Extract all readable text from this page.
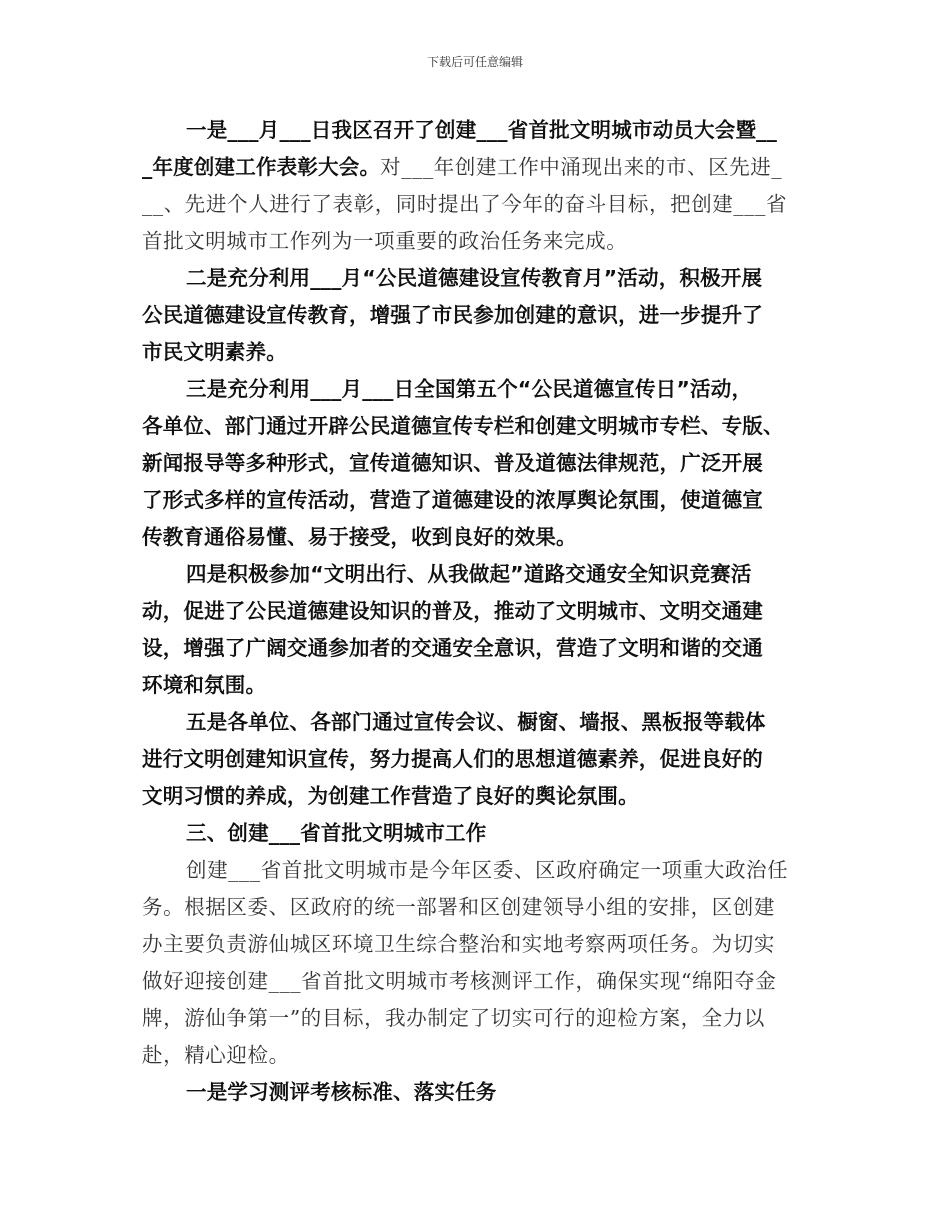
下载后可任意编辑
一是___月___日我区召开了创建___省首批文明城市动员大会暨__
_年度创建工作表彰大会。对___年创建工作中涌现出来的市、区先进_
__、先进个人进行了表彰，同时提出了今年的奋斗目标，把创建___省
首批文明城市工作列为一项重要的政治任务来完成。
二是充分利用___月“公民道德建设宣传教育月”活动，积极开展
公民道德建设宣传教育，增强了市民参加创建的意识，进一步提升了
市民文明素养。
三是充分利用___月___日全国第五个“公民道德宣传日”活动，
各单位、部门通过开辟公民道德宣传专栏和创建文明城市专栏、专版、
新闻报导等多种形式，宣传道德知识、普及道德法律规范，广泛开展
了形式多样的宣传活动，营造了道德建设的浓厚舆论氛围，使道德宣
传教育通俗易懂、易于接受，收到良好的效果。
四是积极参加“文明出行、从我做起”道路交通安全知识竞赛活
动，促进了公民道德建设知识的普及，推动了文明城市、文明交通建
设，增强了广阔交通参加者的交通安全意识，营造了文明和谐的交通
环境和氛围。
五是各单位、各部门通过宣传会议、橱窗、墙报、黑板报等载体
进行文明创建知识宣传，努力提高人们的思想道德素养，促进良好的
文明习惯的养成，为创建工作营造了良好的舆论氛围。
三、创建___省首批文明城市工作
创建___省首批文明城市是今年区委、区政府确定一项重大政治任
务。根据区委、区政府的统一部署和区创建领导小组的安排，区创建
办主要负责游仙城区环境卫生综合整治和实地考察两项任务。为切实
做好迎接创建___省首批文明城市考核测评工作，确保实现“绵阳夺金
牌，游仙争第一”的目标，我办制定了切实可行的迎检方案，全力以
赴，精心迎检。
一是学习测评考核标准、落实任务
